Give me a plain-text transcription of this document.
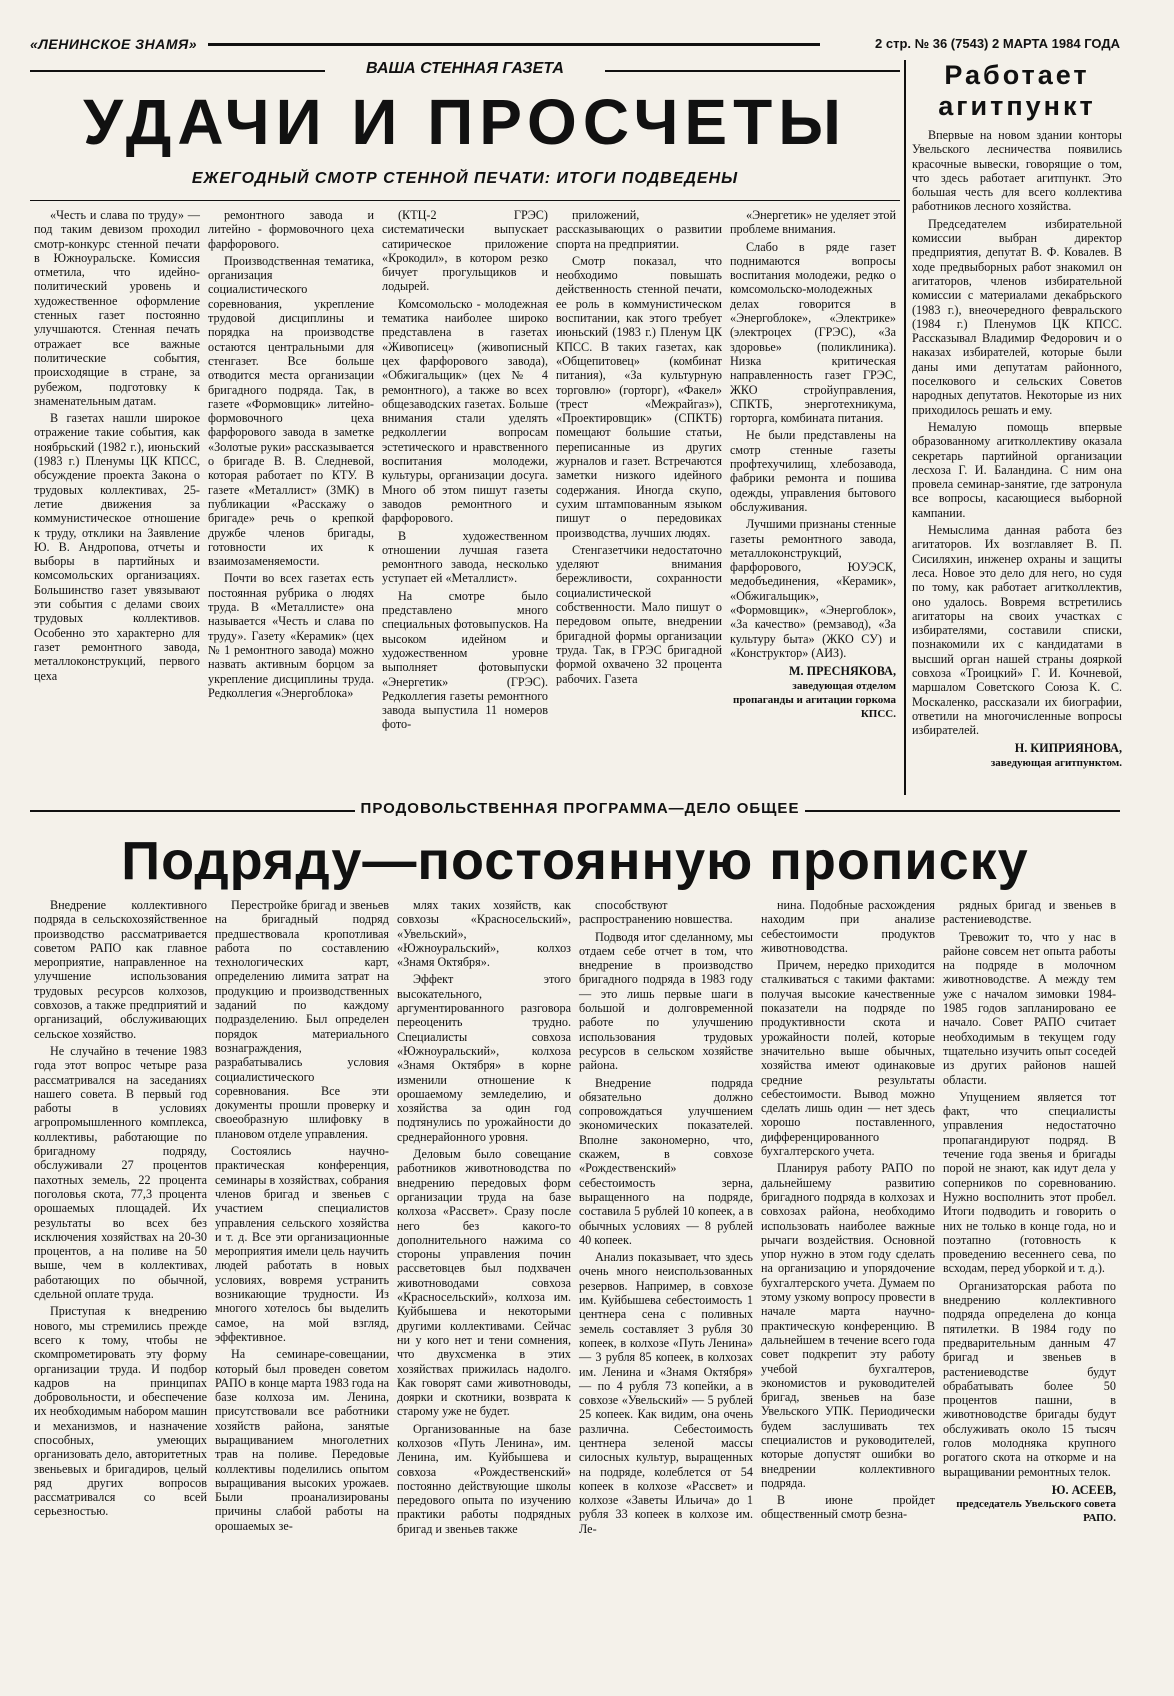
«ЛЕНИНСКОЕ ЗНАМЯ»	2 стр. № 36 (7543) 2 МАРТА 1984 ГОДА
ВАША СТЕННАЯ ГАЗЕТА
УДАЧИ И ПРОСЧЕТЫ
ЕЖЕГОДНЫЙ СМОТР СТЕННОЙ ПЕЧАТИ: ИТОГИ ПОДВЕДЕНЫ

«Честь и слава по труду» — под таким девизом проходил смотр-конкурс стенной печати в Южноуральске. Комиссия отметила, что идейно-политический уровень и художественное оформление стенных газет постоянно улучшаются. Стенная печать отражает все важные политические события, происходящие в стране, за рубежом, подготовку к знаменательным датам.

В газетах нашли широкое отражение такие события, как ноябрьский (1982 г.), июньский (1983 г.) Пленумы ЦК КПСС, обсуждение проекта Закона о трудовых коллективах, 25-летие движения за коммунистическое отношение к труду, отклики на Заявление Ю. В. Андропова, отчеты и выборы в партийных и комсомольских организациях. Большинство газет увязывают эти события с делами своих трудовых коллективов. Особенно это характерно для газет ремонтного завода, металлоконструкций, первого цеха

ремонтного завода и литейно - формовочного цеха фарфорового.

Производственная тематика, организация социалистического соревнования, укрепление трудовой дисциплины и порядка на производстве остаются центральными для стенгазет. Все больше отводится места организации бригадного подряда. Так, в газете «Формовщик» литейно-формовочного цеха фарфорового завода в заметке «Золотые руки» рассказывается о бригаде В. В. Следневой, которая работает по КТУ. В газете «Металлист» (ЗМК) в публикации «Расскажу о бригаде» речь о крепкой дружбе членов бригады, готовности их к взаимозаменяемости.

Почти во всех газетах есть постоянная рубрика о людях труда. В «Металлисте» она называется «Честь и слава по труду». Газету «Керамик» (цех № 1 ремонтного завода) можно назвать активным борцом за укрепление дисциплины труда. Редколлегия «Энергоблока»

(КТЦ-2 ГРЭС) систематически выпускает сатирическое приложение «Крокодил», в котором резко бичует прогульщиков и лодырей.

Комсомольско - молодежная тематика наиболее широко представлена в газетах «Живописец» (живописный цех фарфорового завода), «Обжигальщик» (цех № 4 ремонтного), а также во всех общезаводских газетах. Больше внимания стали уделять редколлегии вопросам эстетического и нравственного воспитания молодежи, культуры, организации досуга. Много об этом пишут газеты заводов ремонтного и фарфорового.

В художественном отношении лучшая газета ремонтного завода, несколько уступает ей «Металлист».

На смотре было представлено много специальных фотовыпусков. На высоком идейном и художественном уровне выполняет фотовыпуски «Энергетик» (ГРЭС). Редколлегия газеты ремонтного завода выпустила 11 номеров фото-

приложений, рассказывающих о развитии спорта на предприятии.

Смотр показал, что необходимо повышать действенность стенной печати, ее роль в коммунистическом воспитании, как этого требует июньский (1983 г.) Пленум ЦК КПСС. В таких газетах, как «Общепитовец» (комбинат питания), «За культурную торговлю» (горторг), «Факел» (трест «Межрайгаз»), «Проектировщик» (СПКТБ) помещают большие статьи, переписанные из других журналов и газет. Встречаются заметки низкого идейного содержания. Иногда скупо, сухим штампованным языком пишут о передовиках производства, лучших людях.

Стенгазетчики недостаточно уделяют внимания бережливости, сохранности социалистической собственности. Мало пишут о передовом опыте, внедрении бригадной формы организации труда. Так, в ГРЭС бригадной формой охвачено 32 процента рабочих. Газета

«Энергетик» не уделяет этой проблеме внимания.

Слабо в ряде газет поднимаются вопросы воспитания молодежи, редко о комсомольско-молодежных делах говорится в «Энергоблоке», «Электрике» (электроцех (ГРЭС), «За здоровье» (поликлиника). Низка критическая направленность газет ГРЭС, ЖКО стройуправления, СПКТБ, энерготехникума, горторга, комбината питания.

Не были представлены на смотр стенные газеты профтехучилищ, хлебозавода, фабрики ремонта и пошива одежды, управления бытового обслуживания.

Лучшими признаны стенные газеты ремонтного завода, металлоконструкций, фарфорового, ЮУЭСК, медобъединения, «Керамик», «Обжигальщик», «Формовщик», «Энергоблок», «За качество» (ремзавод), «За культуру быта» (ЖКО СУ) и «Конструктор» (АИЗ).

М. ПРЕСНЯКОВА,
заведующая отделом пропаганды и агитации горкома КПСС.
Работает
агитпункт

Впервые на новом здании конторы Увельского лесничества появились красочные вывески, говорящие о том, что здесь работает агитпункт. Это большая честь для всего коллектива работников лесного хозяйства.

Председателем избирательной комиссии выбран директор предприятия, депутат В. Ф. Ковалев. В ходе предвыборных работ знакомил он агитаторов, членов избирательной комиссии с материалами декабрьского (1983 г.), внеочередного февральского (1984 г.) Пленумов ЦК КПСС. Рассказывал Владимир Федорович и о наказах избирателей, которые были даны ими депутатам районного, поселкового и сельских Советов народных депутатов. Некоторые из них приходилось решать и ему.

Немалую помощь впервые образованному агитколлективу оказала секретарь партийной организации лесхоза Г. И. Баландина. С ним она провела семинар-занятие, где затронула все вопросы, касающиеся выборной кампании.

Немыслима данная работа без агитаторов. Их возглавляет В. П. Сисиляхин, инженер охраны и защиты леса. Новое это дело для него, но судя по тому, как работает агитколлектив, оно удалось. Вовремя встретились агитаторы на своих участках с избирателями, составили списки, познакомили их с кандидатами в высший орган нашей страны дояркой совхоза «Троицкий» Г. И. Кочневой, маршалом Советского Союза К. С. Москаленко, рассказали их биографии, ответили на многочисленные вопросы избирателей.

Н. КИПРИЯНОВА,
заведующая агитпунктом.
ПРОДОВОЛЬСТВЕННАЯ ПРОГРАММА—ДЕЛО ОБЩЕЕ
Подряду—постоянную прописку

Внедрение коллективного подряда в сельскохозяйственное производство рассматривается советом РАПО как главное мероприятие, направленное на улучшение использования трудовых ресурсов колхозов, совхозов, а также предприятий и организаций, обслуживающих сельское хозяйство.

Не случайно в течение 1983 года этот вопрос четыре раза рассматривался на заседаниях нашего совета. В первый год работы в условиях агропромышленного комплекса, коллективы, работающие по бригадному подряду, обслуживали 27 процентов пахотных земель, 22 процента поголовья скота, 77,3 процента орошаемых площадей. Их результаты во всех без исключения хозяйствах на 20-30 процентов, а на поливе на 50 выше, чем в коллективах, работающих по обычной, сдельной оплате труда.

Приступая к внедрению нового, мы стремились прежде всего к тому, чтобы не скомпрометировать эту форму организации труда. И подбор кадров на принципах добровольности, и обеспечение их необходимым набором машин и механизмов, и назначение способных, умеющих организовать дело, авторитетных звеньевых и бригадиров, целый ряд других вопросов рассматривался со всей серьезностью.

Перестройке бригад и звеньев на бригадный подряд предшествовала кропотливая работа по составлению технологических карт, определению лимита затрат на продукцию и производственных заданий по каждому подразделению. Был определен порядок материального вознаграждения, разрабатывались условия социалистического соревнования. Все эти документы прошли проверку и своеобразную шлифовку в плановом отделе управления.

Состоялись научно-практическая конференция, семинары в хозяйствах, собрания членов бригад и звеньев с участием специалистов управления сельского хозяйства и т. д. Все эти организационные мероприятия имели цель научить людей работать в новых условиях, вовремя устранить возникающие трудности. Из многого хотелось бы выделить самое, на мой взгляд, эффективное.

На семинаре-совещании, который был проведен советом РАПО в конце марта 1983 года на базе колхоза им. Ленина, присутствовали все работники хозяйств района, занятые выращиванием многолетних трав на поливе. Передовые коллективы поделились опытом выращивания высоких урожаев. Были проанализированы причины слабой работы на орошаемых зе-

млях таких хозяйств, как совхозы «Красносельский», «Увельский», «Южноуральский», колхоз «Знамя Октября».

Эффект этого высокательного, аргументированного разговора переоценить трудно. Специалисты совхоза «Южноуральский», колхоза «Знамя Октября» в корне изменили отношение к орошаемому земледелию, и хозяйства за один год подтянулись по урожайности до среднерайонного уровня.

Деловым было совещание работников животноводства по внедрению передовых форм организации труда на базе колхоза «Рассвет». Сразу после него без какого-то дополнительного нажима со стороны управления почин рассветовцев был подхвачен животноводами совхоза «Красносельский», колхоза им. Куйбышева и некоторыми другими коллективами. Сейчас ни у кого нет и тени сомнения, что двухсменка в этих хозяйствах прижилась надолго. Как говорят сами животноводы, доярки и скотники, возврата к старому уже не будет.

Организованные на базе колхозов «Путь Ленина», им. Ленина, им. Куйбышева и совхоза «Рождественский» постоянно действующие школы передового опыта по изучению практики работы подрядных бригад и звеньев также

способствуют распространению новшества.

Подводя итог сделанному, мы отдаем себе отчет в том, что внедрение в производство бригадного подряда в 1983 году — это лишь первые шаги в большой и долговременной работе по улучшению использования трудовых ресурсов в сельском хозяйстве района.

Внедрение подряда обязательно должно сопровождаться улучшением экономических показателей. Вполне закономерно, что, скажем, в совхозе «Рождественский» себестоимость зерна, выращенного на подряде, составила 5 рублей 10 копеек, а в обычных условиях — 8 рублей 40 копеек.

Анализ показывает, что здесь очень много неиспользованных резервов. Например, в совхозе им. Куйбышева себестоимость 1 центнера сена с поливных земель составляет 3 рубля 30 копеек, в колхозе «Путь Ленина» — 3 рубля 85 копеек, в колхозах им. Ленина и «Знамя Октября» — по 4 рубля 73 копейки, а в совхозе «Увельский» — 5 рублей 25 копеек. Как видим, она очень различна. Себестоимость центнера зеленой массы силосных культур, выращенных на подряде, колеблется от 54 копеек в колхозе «Рассвет» и колхозе «Заветы Ильича» до 1 рубля 33 копеек в колхозе им. Ле-

нина. Подобные расхождения находим при анализе себестоимости продуктов животноводства.

Причем, нередко приходится сталкиваться с такими фактами: получая высокие качественные показатели на подряде по продуктивности скота и урожайности полей, которые значительно выше обычных, хозяйства имеют одинаковые средние результаты себестоимости. Вывод можно сделать лишь один — нет здесь хорошо поставленного, дифференцированного бухгалтерского учета.

Планируя работу РАПО по дальнейшему развитию бригадного подряда в колхозах и совхозах района, необходимо использовать наиболее важные рычаги воздействия. Основной упор нужно в этом году сделать на организацию и упорядочение бухгалтерского учета. Думаем по этому узкому вопросу провести в начале марта научно-практическую конференцию. В дальнейшем в течение всего года совет подкрепит эту работу учебой бухгалтеров, экономистов и руководителей бригад, звеньев на базе Увельского УПК. Периодически будем заслушивать тех специалистов и руководителей, которые допустят ошибки во внедрении коллективного подряда.

В июне пройдет общественный смотр безна-

рядных бригад и звеньев в растениеводстве.

Тревожит то, что у нас в районе совсем нет опыта работы на подряде в молочном животноводстве. А между тем уже с началом зимовки 1984-1985 годов запланировано ее начало. Совет РАПО считает необходимым в текущем году тщательно изучить опыт соседей из других районов нашей области.

Упущением является тот факт, что специалисты управления недостаточно пропагандируют подряд. В течение года звенья и бригады порой не знают, как идут дела у соперников по соревнованию. Нужно восполнить этот пробел. Итоги подводить и говорить о них не только в конце года, но и поэтапно (готовность к проведению весеннего сева, по всходам, перед уборкой и т. д.).

Организаторская работа по внедрению коллективного подряда определена до конца пятилетки. В 1984 году по предварительным данным 47 бригад и звеньев в растениеводстве будут обрабатывать более 50 процентов пашни, в животноводстве бригады будут обслуживать около 15 тысяч голов молодняка крупного рогатого скота на откорме и на выращивании ремонтных телок.

Ю. АСЕЕВ,
председатель Увельского совета РАПО.
